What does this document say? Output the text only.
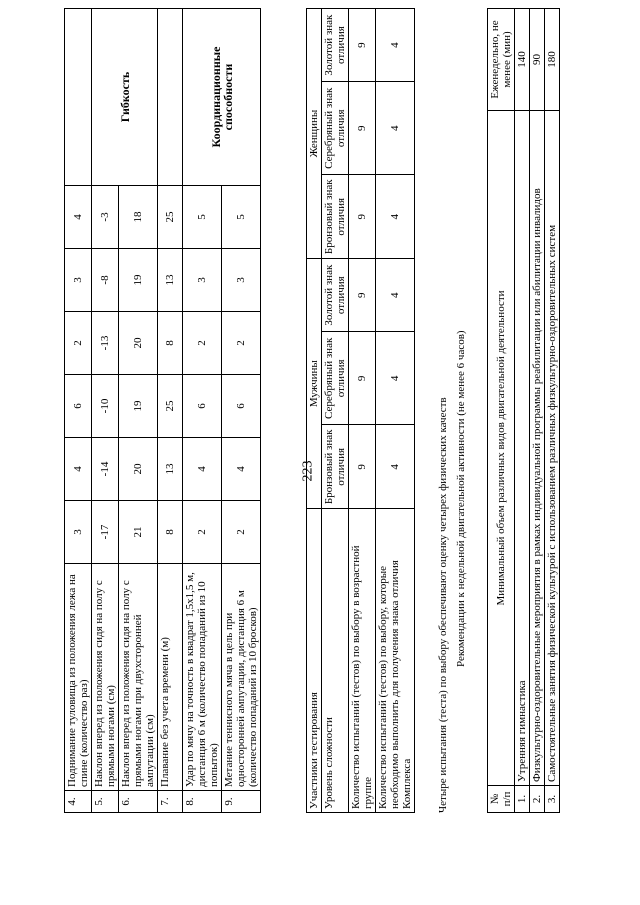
223
4.	Поднимание туловища из положения лежа на спине (количество раз)	3	4	6	2	3	4	
5.	Наклон вперед из положения сидя на полу с прямыми ногами (см)	-17	-14	-10	-13	-8	-3	Гибкость
6.	Наклон вперед из положения сидя на полу с прямыми ногами при двухсторонней ампутации (см)	21	20	19	20	19	18	
7.	Плавание без учета времени (м)	8	13	25	8	13	25	
8.	Удар по мячу на точность в квадрат 1,5х1,5 м, дистанция 6 м (количество попаданий из 10 попыток)	2	4	6	2	3	5	Координационные способности
9.	Метание теннисного мяча в цель при односторонней ампутации, дистанция 6 м (количество попаданий из 10 бросков)	2	4	6	2	3	5	
Участники тестирования	Мужчины			Женщины		
Уровень сложности	Бронзовый знак отличия	Серебряный знак отличия	Золотой знак отличия	Бронзовый знак отличия	Серебряный знак отличия	Золотой знак отличия
Количество испытаний (тестов) по выбору в возрастной группе	9	9	9	9	9	9
Количество испытаний (тестов) по выбору, которые необходимо выполнить для получения знака отличия Комплекса	4	4	4	4	4	4
Четыре испытания (теста) по выбору обеспечивают оценку четырех физических качеств Рекомендации к недельной двигательной активности (не менее 6 часов)
№ п/п	Минимальный объем различных видов двигательной деятельности	Еженедельно, не менее (мин)
1.	Утренняя гимнастика	140
2.	Физкультурно-оздоровительные мероприятия в рамках индивидуальной программы реабилитации или абилитации инвалидов	90
3.	Самостоятельные занятия физической культурой с использованием различных физкультурно-оздоровительных систем	180
